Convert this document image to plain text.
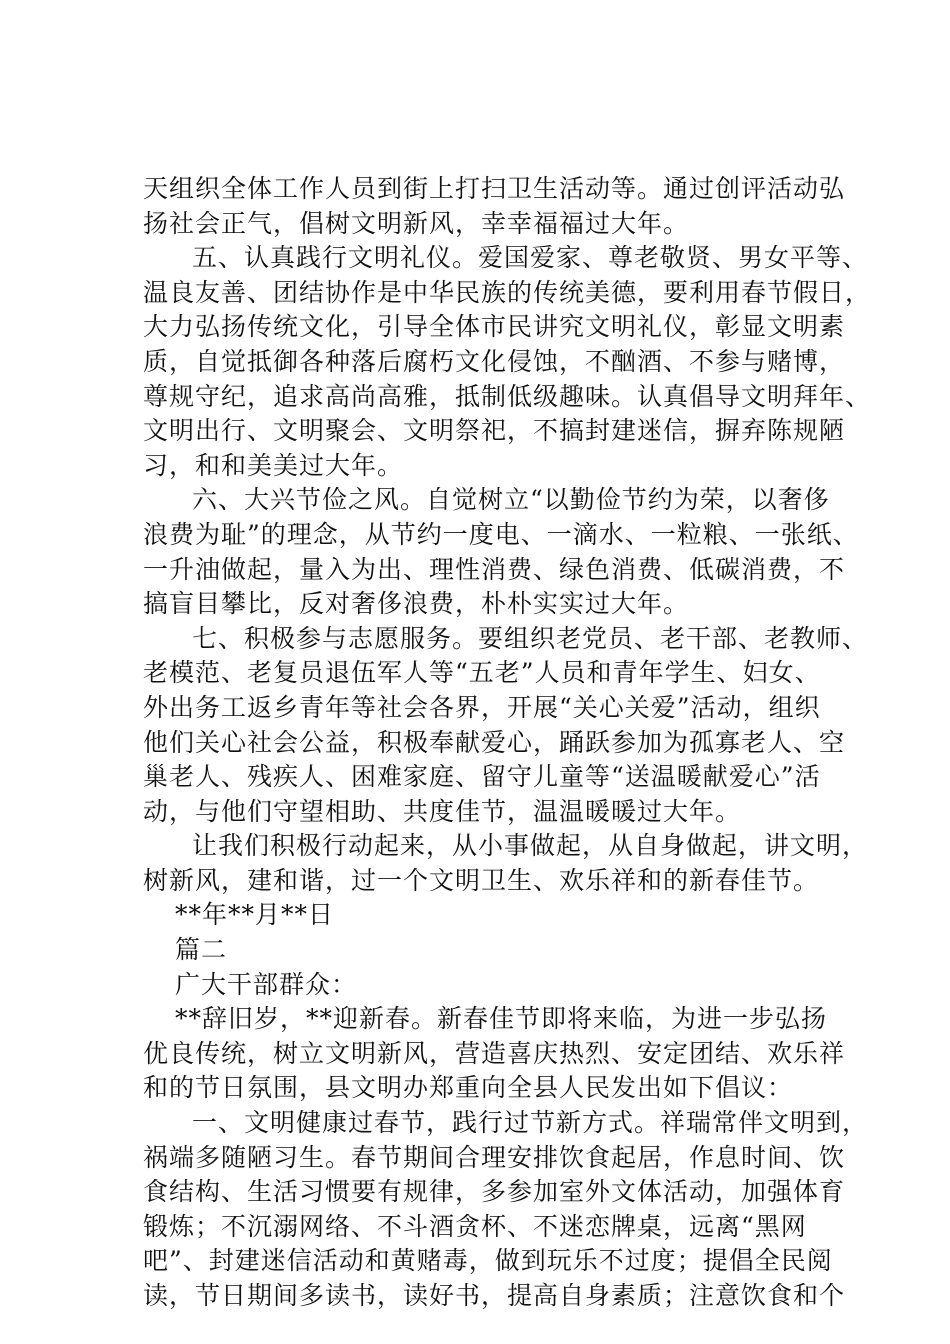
天组织全体工作人员到街上打扫卫生活动等。通过创评活动弘
扬社会正气，倡树文明新风，幸幸福福过大年。
五、认真践行文明礼仪。爱国爱家、尊老敬贤、男女平等、
温良友善、团结协作是中华民族的传统美德，要利用春节假日，
大力弘扬传统文化，引导全体市民讲究文明礼仪，彰显文明素
质，自觉抵御各种落后腐朽文化侵蚀，不酗酒、不参与赌博，
尊规守纪，追求高尚高雅，抵制低级趣味。认真倡导文明拜年、
文明出行、文明聚会、文明祭祀，不搞封建迷信，摒弃陈规陋
习，和和美美过大年。
六、大兴节俭之风。自觉树立“以勤俭节约为荣，以奢侈
浪费为耻”的理念，从节约一度电、一滴水、一粒粮、一张纸、
一升油做起，量入为出、理性消费、绿色消费、低碳消费，不
搞盲目攀比，反对奢侈浪费，朴朴实实过大年。
七、积极参与志愿服务。要组织老党员、老干部、老教师、
老模范、老复员退伍军人等“五老”人员和青年学生、妇女、
外出务工返乡青年等社会各界，开展“关心关爱”活动，组织
他们关心社会公益，积极奉献爱心，踊跃参加为孤寡老人、空
巢老人、残疾人、困难家庭、留守儿童等“送温暖献爱心”活
动，与他们守望相助、共度佳节，温温暖暖过大年。
让我们积极行动起来，从小事做起，从自身做起，讲文明，
树新风，建和谐，过一个文明卫生、欢乐祥和的新春佳节。
**年**月**日
篇二
广大干部群众：
**辞旧岁，**迎新春。新春佳节即将来临，为进一步弘扬
优良传统，树立文明新风，营造喜庆热烈、安定团结、欢乐祥
和的节日氛围，县文明办郑重向全县人民发出如下倡议：
一、文明健康过春节，践行过节新方式。祥瑞常伴文明到，
祸端多随陋习生。春节期间合理安排饮食起居，作息时间、饮
食结构、生活习惯要有规律，多参加室外文体活动，加强体育
锻炼；不沉溺网络、不斗酒贪杯、不迷恋牌桌，远离“黑网
吧”、封建迷信活动和黄赌毒，做到玩乐不过度；提倡全民阅
读，节日期间多读书，读好书，提高自身素质；注意饮食和个
